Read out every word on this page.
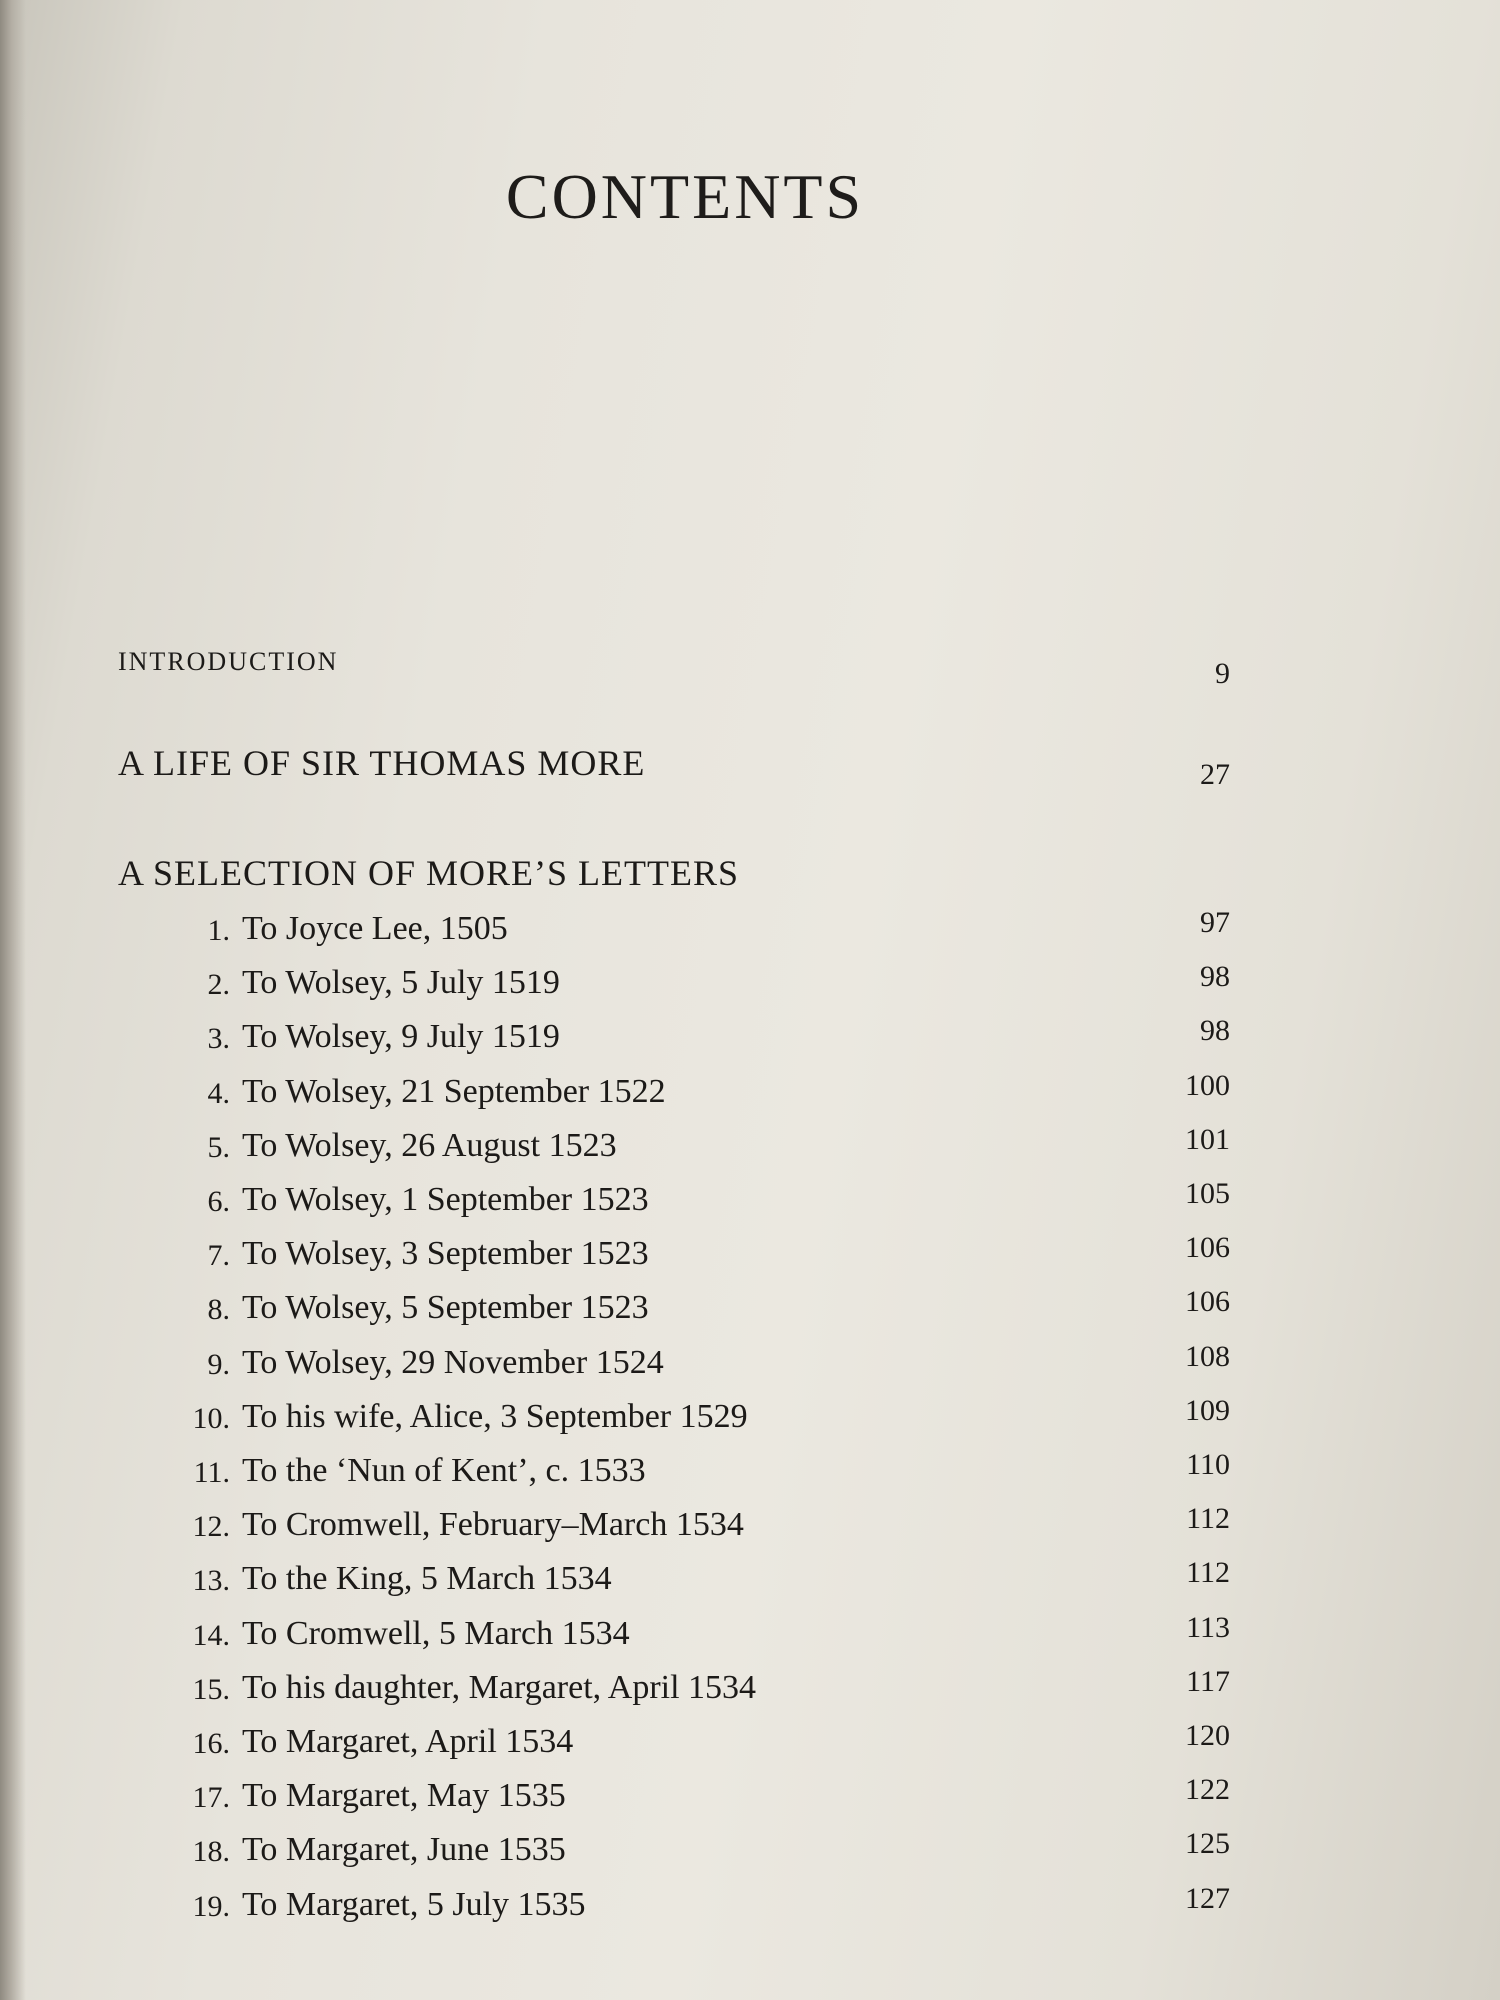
CONTENTS
INTRODUCTION	9
A LIFE OF SIR THOMAS MORE	27
A SELECTION OF MORE’S LETTERS
1. To Joyce Lee, 1505	97
2. To Wolsey, 5 July 1519	98
3. To Wolsey, 9 July 1519	98
4. To Wolsey, 21 September 1522	100
5. To Wolsey, 26 August 1523	101
6. To Wolsey, 1 September 1523	105
7. To Wolsey, 3 September 1523	106
8. To Wolsey, 5 September 1523	106
9. To Wolsey, 29 November 1524	108
10. To his wife, Alice, 3 September 1529	109
11. To the ‘Nun of Kent’, c. 1533	110
12. To Cromwell, February–March 1534	112
13. To the King, 5 March 1534	112
14. To Cromwell, 5 March 1534	113
15. To his daughter, Margaret, April 1534	117
16. To Margaret, April 1534	120
17. To Margaret, May 1535	122
18. To Margaret, June 1535	125
19. To Margaret, 5 July 1535	127
